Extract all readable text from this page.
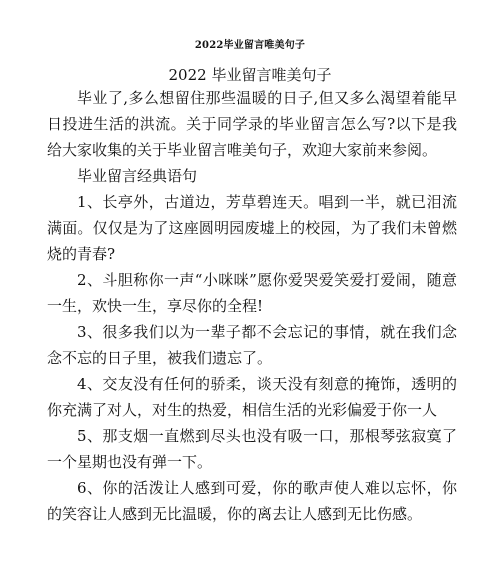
2022毕业留言唯美句子
2022 毕业留言唯美句子

毕业了,多么想留住那些温暖的日子,但又多么渴望着能早日投进生活的洪流。关于同学录的毕业留言怎么写?以下是我给大家收集的关于毕业留言唯美句子，欢迎大家前来参阅。

毕业留言经典语句

1、长亭外，古道边，芳草碧连天。唱到一半，就已泪流满面。仅仅是为了这座圆明园废墟上的校园，为了我们未曾燃烧的青春?

2、斗胆称你一声“小咪咪”愿你爱哭爱笑爱打爱闹，随意一生，欢快一生，享尽你的全程!

3、很多我们以为一辈子都不会忘记的事情，就在我们念念不忘的日子里，被我们遗忘了。

4、交友没有任何的骄柔，谈天没有刻意的掩饰，透明的你充满了对人，对生的热爱，相信生活的光彩偏爱于你一人

5、那支烟一直燃到尽头也没有吸一口，那根琴弦寂寞了一个星期也没有弹一下。

6、你的活泼让人感到可爱，你的歌声使人难以忘怀，你的笑容让人感到无比温暖，你的离去让人感到无比伤感。
